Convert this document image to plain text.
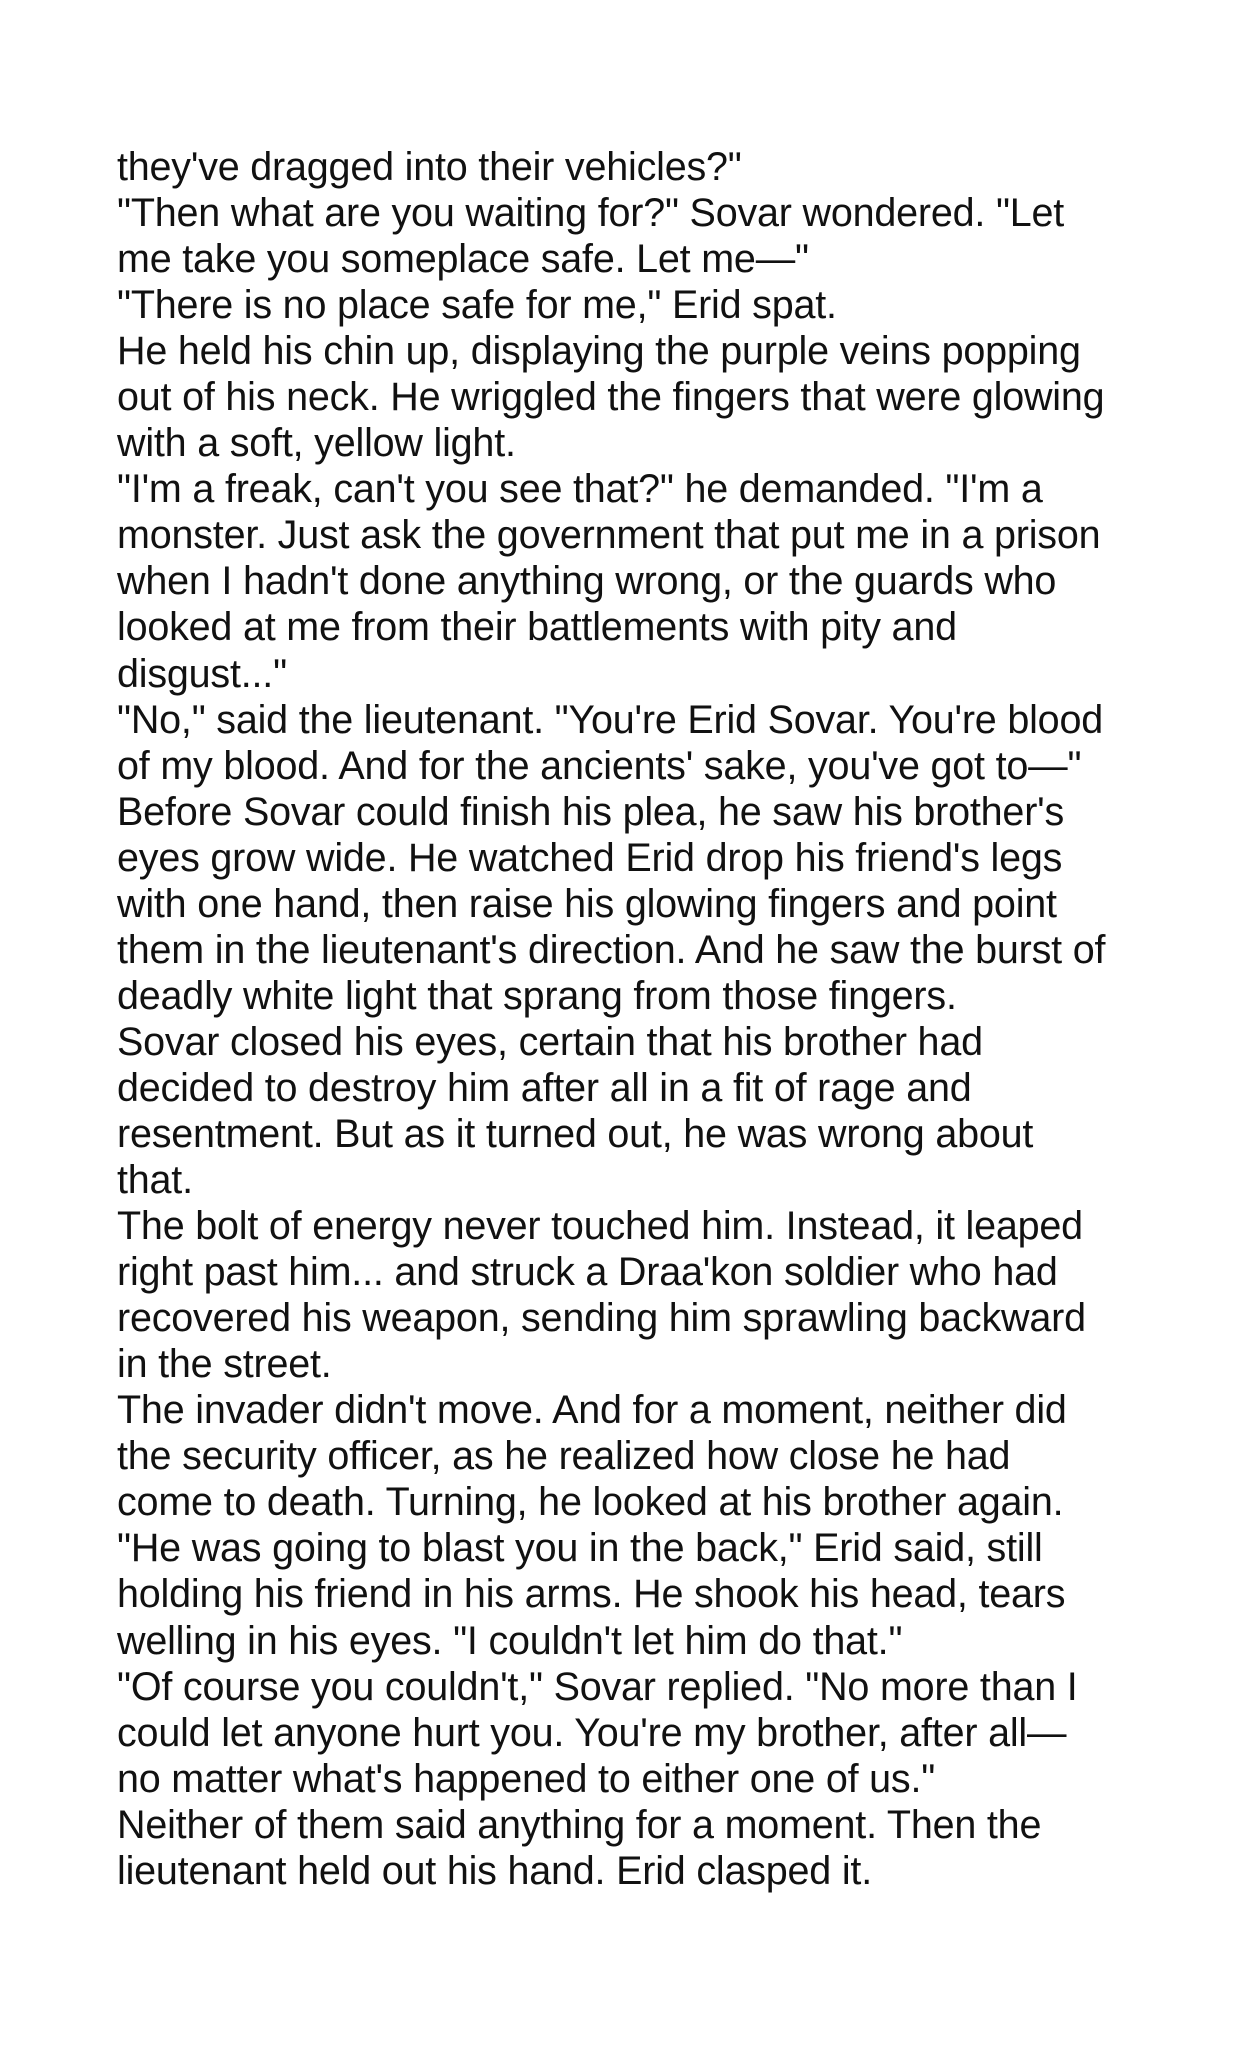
they've dragged into their vehicles?"
"Then what are you waiting for?" Sovar wondered. "Let
me take you someplace safe. Let me—"
"There is no place safe for me," Erid spat.
He held his chin up, displaying the purple veins popping
out of his neck. He wriggled the fingers that were glowing
with a soft, yellow light.
"I'm a freak, can't you see that?" he demanded. "I'm a
monster. Just ask the government that put me in a prison
when I hadn't done anything wrong, or the guards who
looked at me from their battlements with pity and
disgust..."
"No," said the lieutenant. "You're Erid Sovar. You're blood
of my blood. And for the ancients' sake, you've got to—"
Before Sovar could finish his plea, he saw his brother's
eyes grow wide. He watched Erid drop his friend's legs
with one hand, then raise his glowing fingers and point
them in the lieutenant's direction. And he saw the burst of
deadly white light that sprang from those fingers.
Sovar closed his eyes, certain that his brother had
decided to destroy him after all in a fit of rage and
resentment. But as it turned out, he was wrong about
that.
The bolt of energy never touched him. Instead, it leaped
right past him... and struck a Draa'kon soldier who had
recovered his weapon, sending him sprawling backward
in the street.
The invader didn't move. And for a moment, neither did
the security officer, as he realized how close he had
come to death. Turning, he looked at his brother again.
"He was going to blast you in the back," Erid said, still
holding his friend in his arms. He shook his head, tears
welling in his eyes. "I couldn't let him do that."
"Of course you couldn't," Sovar replied. "No more than I
could let anyone hurt you. You're my brother, after all—
no matter what's happened to either one of us."
Neither of them said anything for a moment. Then the
lieutenant held out his hand. Erid clasped it.
